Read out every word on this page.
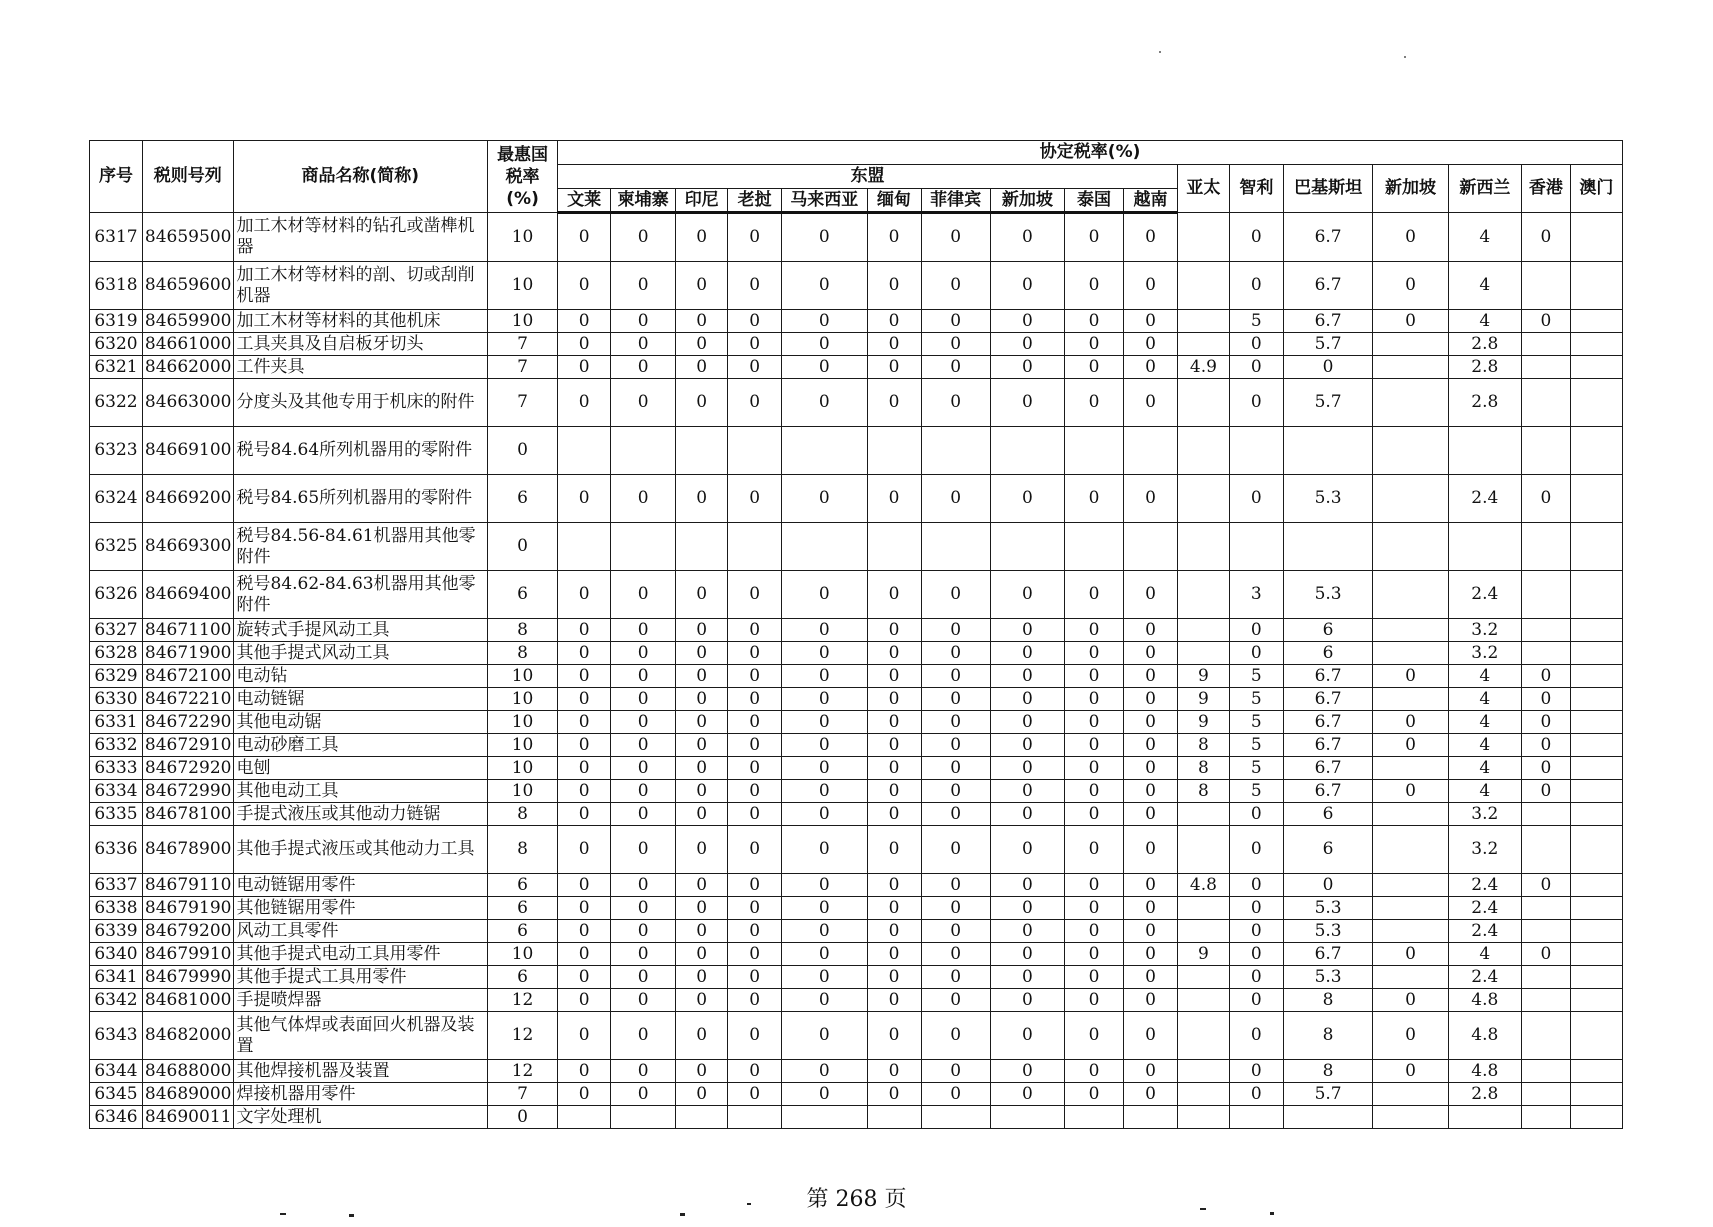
序号	税则号列	商品名称(简称)	最惠国税率(%)	协定税率(%)																
				东盟										亚太	智利	巴基斯坦	新加坡	新西兰	香港	澳门
				文莱	柬埔寨	印尼	老挝	马来西亚	缅甸	菲律宾	新加坡	泰国	越南							
6317	84659500	加工木材等材料的钻孔或凿榫机器	10	0	0	0	0	0	0	0	0	0	0		0	6.7	0	4	0	
6318	84659600	加工木材等材料的剖、切或刮削机器	10	0	0	0	0	0	0	0	0	0	0		0	6.7	0	4		
6319	84659900	加工木材等材料的其他机床	10	0	0	0	0	0	0	0	0	0	0		5	6.7	0	4	0	
6320	84661000	工具夹具及自启板牙切头	7	0	0	0	0	0	0	0	0	0	0		0	5.7		2.8		
6321	84662000	工件夹具	7	0	0	0	0	0	0	0	0	0	0	4.9	0	0		2.8		
6322	84663000	分度头及其他专用于机床的附件	7	0	0	0	0	0	0	0	0	0	0		0	5.7		2.8		
6323	84669100	税号84.64所列机器用的零附件	0																	
6324	84669200	税号84.65所列机器用的零附件	6	0	0	0	0	0	0	0	0	0	0		0	5.3		2.4	0	
6325	84669300	税号84.56-84.61机器用其他零附件	0																	
6326	84669400	税号84.62-84.63机器用其他零附件	6	0	0	0	0	0	0	0	0	0	0		3	5.3		2.4		
6327	84671100	旋转式手提风动工具	8	0	0	0	0	0	0	0	0	0	0		0	6		3.2		
6328	84671900	其他手提式风动工具	8	0	0	0	0	0	0	0	0	0	0		0	6		3.2		
6329	84672100	电动钻	10	0	0	0	0	0	0	0	0	0	0	9	5	6.7	0	4	0	
6330	84672210	电动链锯	10	0	0	0	0	0	0	0	0	0	0	9	5	6.7		4	0	
6331	84672290	其他电动锯	10	0	0	0	0	0	0	0	0	0	0	9	5	6.7	0	4	0	
6332	84672910	电动砂磨工具	10	0	0	0	0	0	0	0	0	0	0	8	5	6.7	0	4	0	
6333	84672920	电刨	10	0	0	0	0	0	0	0	0	0	0	8	5	6.7		4	0	
6334	84672990	其他电动工具	10	0	0	0	0	0	0	0	0	0	0	8	5	6.7	0	4	0	
6335	84678100	手提式液压或其他动力链锯	8	0	0	0	0	0	0	0	0	0	0		0	6		3.2		
6336	84678900	其他手提式液压或其他动力工具	8	0	0	0	0	0	0	0	0	0	0		0	6		3.2		
6337	84679110	电动链锯用零件	6	0	0	0	0	0	0	0	0	0	0	4.8	0	0		2.4	0	
6338	84679190	其他链锯用零件	6	0	0	0	0	0	0	0	0	0	0		0	5.3		2.4		
6339	84679200	风动工具零件	6	0	0	0	0	0	0	0	0	0	0		0	5.3		2.4		
6340	84679910	其他手提式电动工具用零件	10	0	0	0	0	0	0	0	0	0	0	9	0	6.7	0	4	0	
6341	84679990	其他手提式工具用零件	6	0	0	0	0	0	0	0	0	0	0		0	5.3		2.4		
6342	84681000	手提喷焊器	12	0	0	0	0	0	0	0	0	0	0		0	8	0	4.8		
6343	84682000	其他气体焊或表面回火机器及装置	12	0	0	0	0	0	0	0	0	0	0		0	8	0	4.8		
6344	84688000	其他焊接机器及装置	12	0	0	0	0	0	0	0	0	0	0		0	8	0	4.8		
6345	84689000	焊接机器用零件	7	0	0	0	0	0	0	0	0	0	0		0	5.7		2.8		
6346	84690011	文字处理机	0																	
第 268 页
